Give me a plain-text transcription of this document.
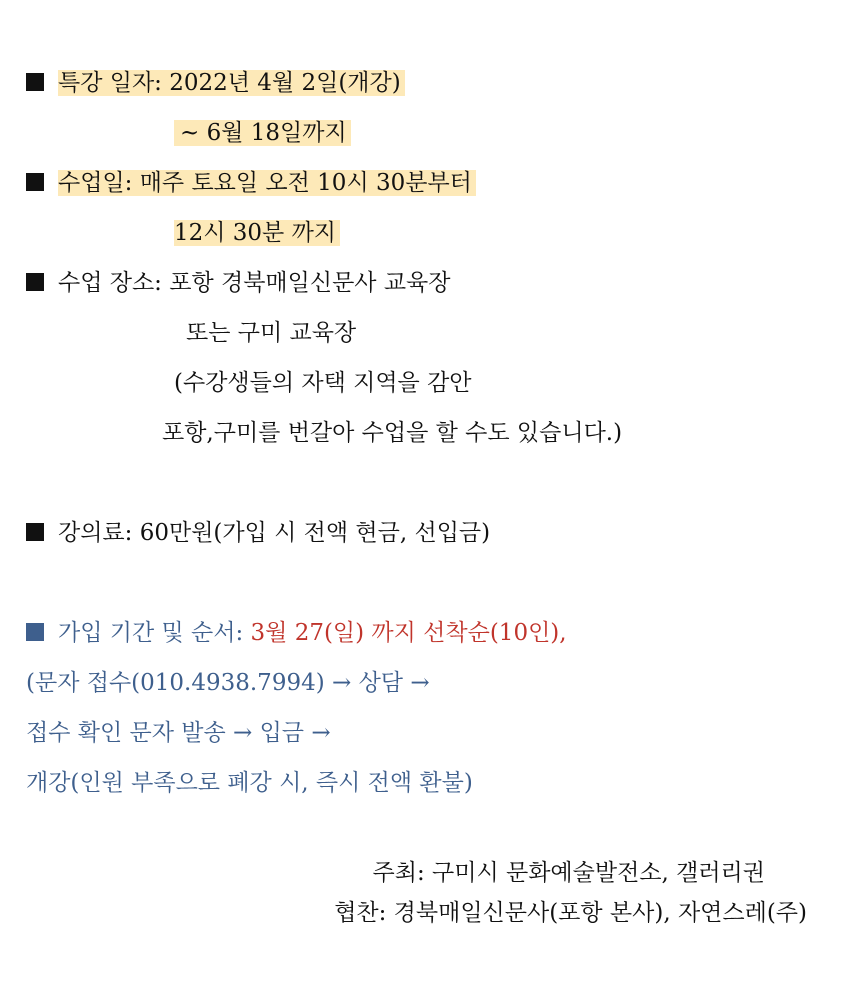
특강 일자: 2022년 4월 2일(개강)
~ 6월 18일까지
수업일: 매주 토요일 오전 10시 30분부터
12시 30분 까지
수업 장소: 포항 경북매일신문사 교육장
또는 구미 교육장
(수강생들의 자택 지역을 감안
포항,구미를 번갈아 수업을 할 수도 있습니다.)
강의료: 60만원(가입 시 전액 현금, 선입금)
가입 기간 및 순서: 3월 27(일) 까지 선착순(10인),
(문자 접수(010.4938.7994) → 상담 →
접수 확인 문자 발송 → 입금 →
개강(인원 부족으로 폐강 시, 즉시 전액 환불)
주최: 구미시 문화예술발전소, 갤러리권
협찬: 경북매일신문사(포항 본사), 자연스레(주)
